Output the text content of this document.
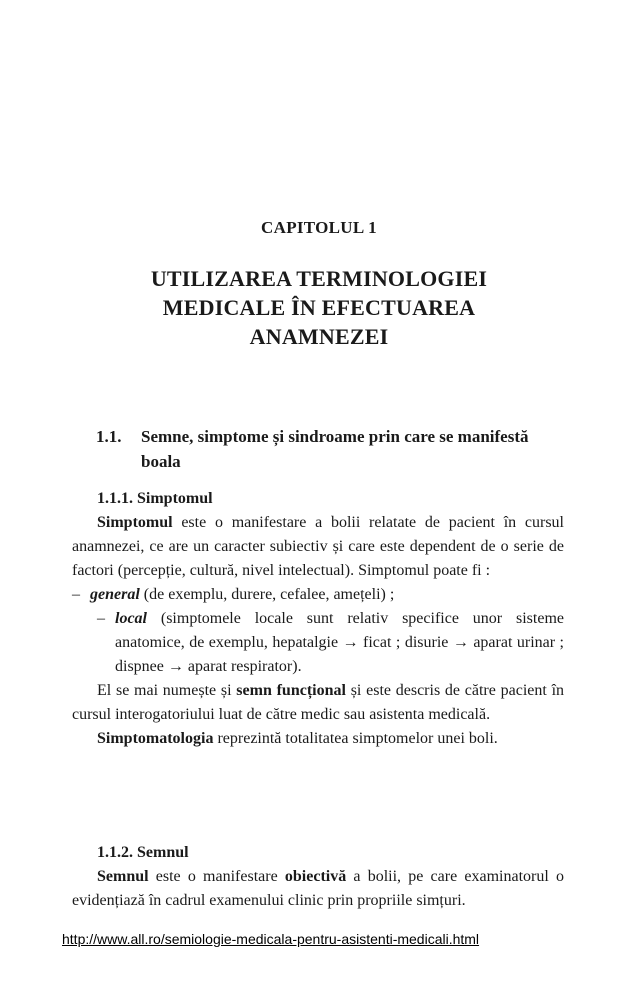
CAPITOLUL 1
UTILIZAREA TERMINOLOGIEI
MEDICALE ÎN EFECTUAREA
ANAMNEZEI
1.1. Semne, simptome și sindroame prin care se manifestă boala

1.1.1. Simptomul

Simptomul este o manifestare a bolii relatate de pacient în cursul anamnezei, ce are un caracter subiectiv și care este dependent de o serie de factori (percepție, cultură, nivel intelectual). Simptomul poate fi :

– general (de exemplu, durere, cefalee, amețeli) ;

– local (simptomele locale sunt relativ specifice unor sisteme anatomice, de exemplu, hepatalgie → ficat ; disurie → aparat urinar ; dispnee → aparat respirator).

El se mai numește și semn funcțional și este descris de către pacient în cursul interogatoriului luat de către medic sau asistenta medicală.

Simptomatologia reprezintă totalitatea simptomelor unei boli.

1.1.2. Semnul

Semnul este o manifestare obiectivă a bolii, pe care examinatorul o evidențiază în cadrul examenului clinic prin propriile simțuri.

http://www.all.ro/semiologie-medicala-pentru-asistenti-medicali.html
